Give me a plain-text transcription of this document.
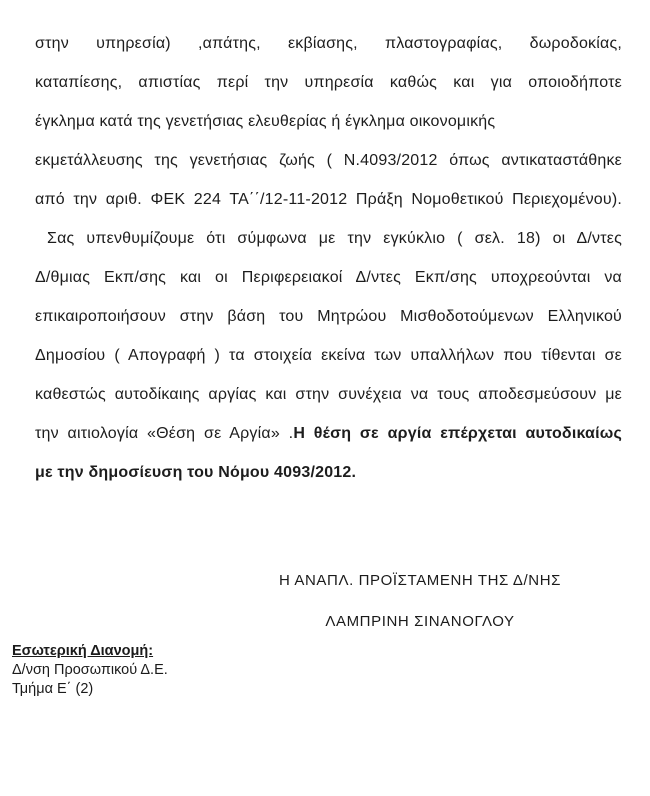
στην υπηρεσία) ,απάτης, εκβίασης, πλαστογραφίας, δωροδοκίας,
καταπίεσης, απιστίας περί την υπηρεσία καθώς και για οποιοδήποτε
έγκλημα κατά της γενετήσιας ελευθερίας ή έγκλημα οικονομικής
εκμετάλλευσης της γενετήσιας ζωής ( Ν.4093/2012 όπως αντικαταστάθηκε
από την αριθ. ΦΕΚ 224 ΤΑ΄΄/12-11-2012 Πράξη Νομοθετικού Περιεχομένου).
Σας υπενθυμίζουμε ότι σύμφωνα με την εγκύκλιο ( σελ. 18) οι Δ/ντες
Δ/θμιας Εκπ/σης και οι Περιφερειακοί Δ/ντες Εκπ/σης υποχρεούνται να
επικαιροποιήσουν στην βάση του Μητρώου Μισθοδοτούμενων Ελληνικού
Δημοσίου ( Απογραφή ) τα στοιχεία εκείνα των υπαλλήλων που τίθενται σε
καθεστώς αυτοδίκαιης αργίας και στην συνέχεια να τους αποδεσμεύσουν με
την αιτιολογία «Θέση σε Αργία» .Η θέση σε αργία επέρχεται αυτοδικαίως
με την δημοσίευση του Νόμου 4093/2012.
Η ΑΝΑΠΛ. ΠΡΟΪΣΤΑΜΕΝΗ ΤΗΣ Δ/ΝΗΣ
ΛΑΜΠΡΙΝΗ ΣΙΝΑΝΟΓΛΟΥ
Εσωτερική Διανομή:
Δ/νση Προσωπικού Δ.Ε.
Τμήμα Ε΄ (2)
